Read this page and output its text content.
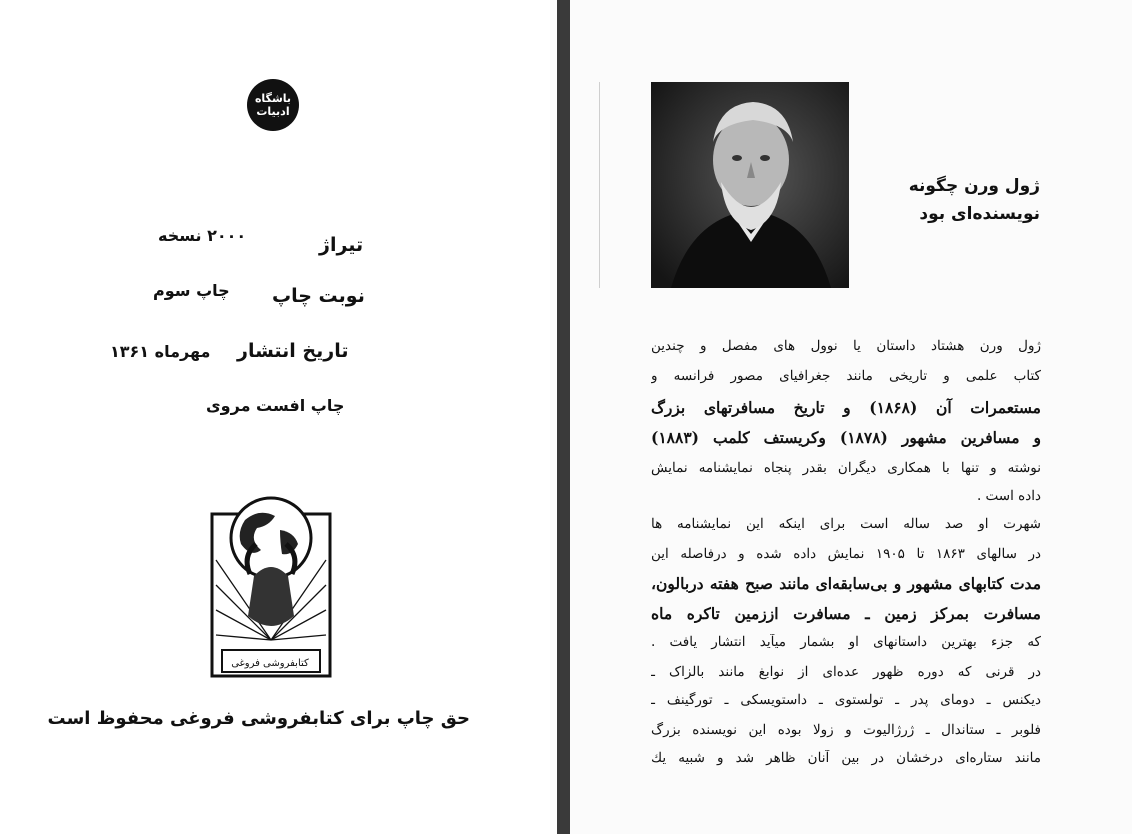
باشگاه
ادبیات
تیراژ
۲۰۰۰ نسخه
نوبت چاپ
چاپ سوم
تاریخ انتشار
مهرماه ۱۳۶۱
چاپ افست مروی
کتابفروشی فروغی
حق چاپ برای کتابفروشی فروغی محفوظ است
ژول ورن چگونه
نویسنده‌ای بود
ژول ورن هشتاد داستان یا نوول های مفصل و چندین
کتاب علمی و تاریخی مانند جغرافیای مصور فرانسه و
مستعمرات آن (۱۸۶۸) و تاریخ مسافرتهای بزرگ
و مسافرین مشهور (۱۸۷۸) وکریستف کلمب (۱۸۸۳)
نوشته و تنها با همکاری دیگران بقدر پنجاه نمایشنامه نمایش
داده است .
شهرت او صد ساله است برای اینکه این نمایشنامه ها
در سالهای ۱۸۶۳ تا ۱۹۰۵ نمایش داده شده و درفاصله این
مدت کتابهای مشهور و بی‌سابقه‌ای مانند صبح هفته دربالون،
مسافرت بمرکز زمین ـ مسافرت اززمین تاکره ماه
که جزء بهترین داستانهای او بشمار میآید انتشار یافت .
در قرنی که دوره ظهور عده‌ای از نوابغ مانند بالزاک ـ
دیکنس ـ دومای پدر ـ تولستوی ـ داستویسکی ـ تورگینف ـ
فلوبر ـ ستاندال ـ ژرژالیوت و زولا بوده این نویسنده بزرگ
مانند ستاره‌ای درخشان در بین آنان ظاهر شد و شبیه یك
